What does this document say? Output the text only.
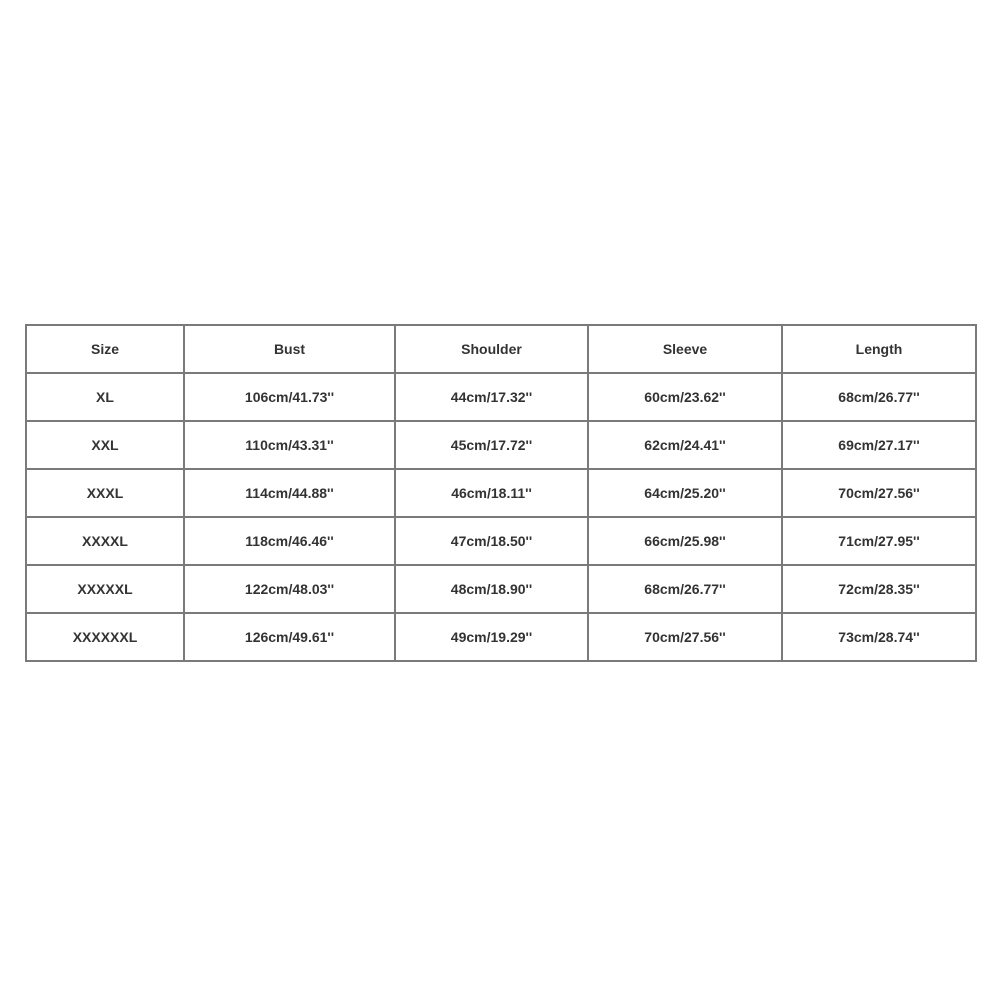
Size	Bust	Shoulder	Sleeve	Length
XL	106cm/41.73''	44cm/17.32''	60cm/23.62''	68cm/26.77''
XXL	110cm/43.31''	45cm/17.72''	62cm/24.41''	69cm/27.17''
XXXL	114cm/44.88''	46cm/18.11''	64cm/25.20''	70cm/27.56''
XXXXL	118cm/46.46''	47cm/18.50''	66cm/25.98''	71cm/27.95''
XXXXXL	122cm/48.03''	48cm/18.90''	68cm/26.77''	72cm/28.35''
XXXXXXL	126cm/49.61''	49cm/19.29''	70cm/27.56''	73cm/28.74''
